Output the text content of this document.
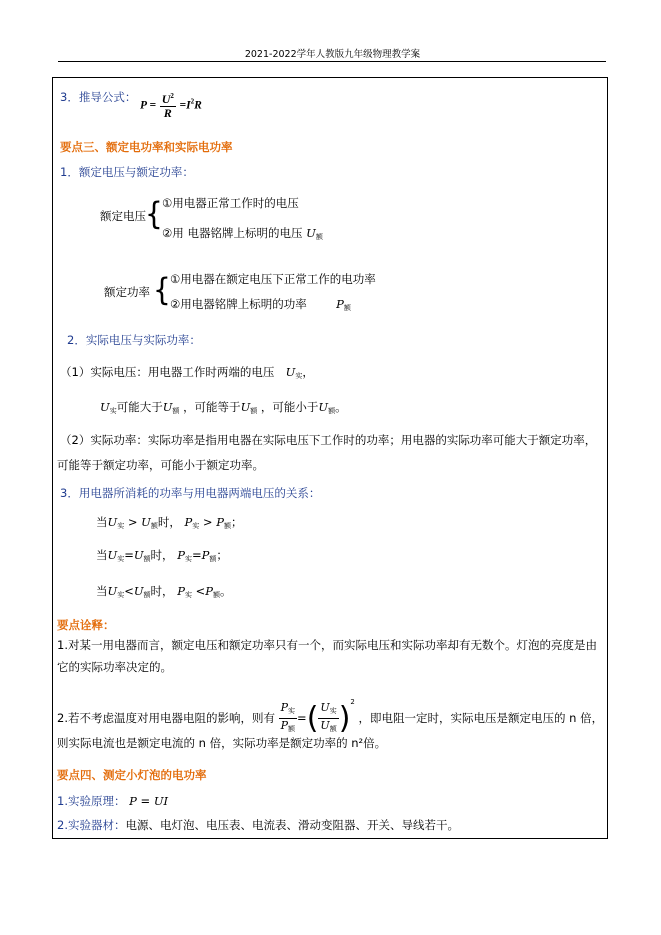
2021-2022学年人教版九年级物理教学案
3．推导公式：
$P = \frac{U^2}{R} =I^2R$
要点三、额定电功率和实际电功率
1．额定电压与额定功率：
额定电压 { ①用电器正常工作时的电压
②用 电器铭牌上标明的电压 $U_额$
额定功率 { ①用电器在额定电压下正常工作的电功率
②用电器铭牌上标明的功率	$P_额$
2．实际电压与实际功率：
（1）实际电压：用电器工作时两端的电压 $U_实$，
$U_实$可能大于$U_额$ ，可能等于$U_额$ ，可能小于$U_额$。
（2）实际功率：实际功率是指用电器在实际电压下工作时的功率；用电器的实际功率可能大于额定功率，
可能等于额定功率，可能小于额定功率。
3．用电器所消耗的功率与用电器两端电压的关系：
当$U_实 > U_额$时， $P_实 > P_额$；
当$U_实=U_额$时， $P_实=P_额$；
当$U_实<U_额$时， $P_实 <P_额$。
要点诠释：
1.对某一用电器而言，额定电压和额定功率只有一个，而实际电压和实际功率却有无数个。灯泡的亮度是由
它的实际功率决定的。
2.若不考虑温度对用电器电阻的影响，则有 $\frac{P_实}{P_额}$ =( $\frac{U_实}{U_额} )^2$ ，即电阻一定时，实际电压是额定电压的 n 倍，
则实际电流也是额定电流的 n 倍，实际功率是额定功率的 n²倍。
要点四、测定小灯泡的电功率
1.实验原理： P = UI
2.实验器材：电源、电灯泡、电压表、电流表、滑动变阻器、开关、导线若干。
